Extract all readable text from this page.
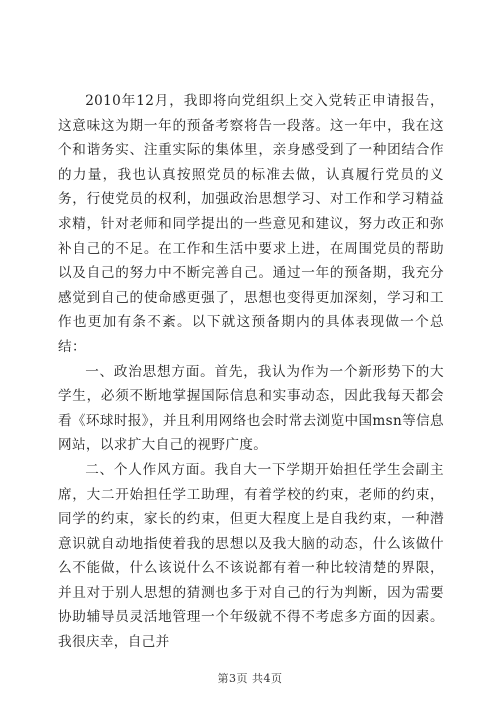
2010年12月，我即将向党组织上交入党转正申请报告，这意味这为期一年的预备考察将告一段落。这一年中，我在这个和谐务实、注重实际的集体里，亲身感受到了一种团结合作的力量，我也认真按照党员的标准去做，认真履行党员的义务，行使党员的权利，加强政治思想学习、对工作和学习精益求精，针对老师和同学提出的一些意见和建议，努力改正和弥补自己的不足。在工作和生活中要求上进，在周围党员的帮助以及自己的努力中不断完善自己。通过一年的预备期，我充分感觉到自己的使命感更强了，思想也变得更加深刻，学习和工作也更加有条不紊。以下就这预备期内的具体表现做一个总结：

一、政治思想方面。首先，我认为作为一个新形势下的大学生，必须不断地掌握国际信息和实事动态，因此我每天都会看《环球时报》，并且利用网络也会时常去浏览中国msn等信息网站，以求扩大自己的视野广度。

二、个人作风方面。我自大一下学期开始担任学生会副主席，大二开始担任学工助理，有着学校的约束，老师的约束，同学的约束，家长的约束，但更大程度上是自我约束，一种潜意识就自动地指使着我的思想以及我大脑的动态，什么该做什么不能做，什么该说什么不该说都有着一种比较清楚的界限，并且对于别人思想的猜测也多于对自己的行为判断，因为需要协助辅导员灵活地管理一个年级就不得不考虑多方面的因素。我很庆幸，自己并

第3页 共4页
